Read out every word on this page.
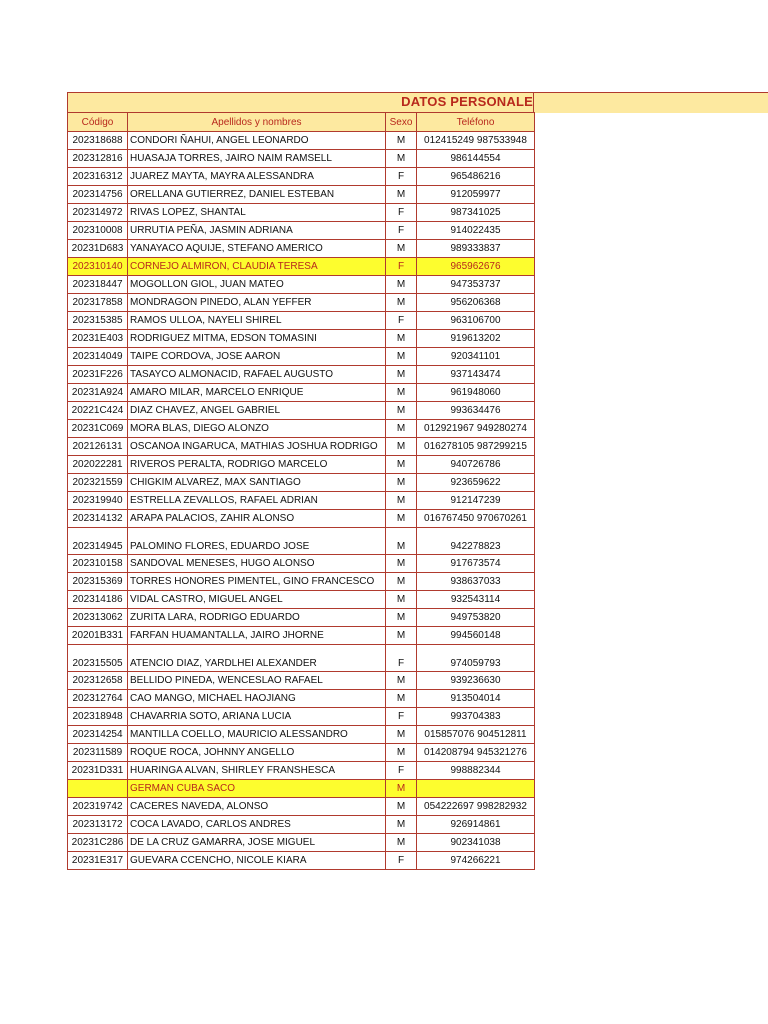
DATOS PERSONALE
Código	Apellidos y nombres	Sexo	Teléfono
202318688	CONDORI ÑAHUI, ANGEL LEONARDO	M	012415249 987533948
202312816	HUASAJA TORRES, JAIRO NAIM RAMSELL	M	986144554
202316312	JUAREZ MAYTA, MAYRA ALESSANDRA	F	965486216
202314756	ORELLANA GUTIERREZ, DANIEL ESTEBAN	M	912059977
202314972	RIVAS LOPEZ, SHANTAL	F	987341025
202310008	URRUTIA PEÑA, JASMIN ADRIANA	F	914022435
20231D683	YANAYACO AQUIJE, STEFANO AMERICO	M	989333837
202310140	CORNEJO ALMIRON, CLAUDIA TERESA	F	965962676
202318447	MOGOLLON GIOL, JUAN MATEO	M	947353737
202317858	MONDRAGON PINEDO, ALAN YEFFER	M	956206368
202315385	RAMOS ULLOA, NAYELI SHIREL	F	963106700
20231E403	RODRIGUEZ MITMA, EDSON TOMASINI	M	919613202
202314049	TAIPE CORDOVA, JOSE AARON	M	920341101
20231F226	TASAYCO ALMONACID, RAFAEL AUGUSTO	M	937143474
20231A924	AMARO MILAR, MARCELO ENRIQUE	M	961948060
20221C424	DIAZ CHAVEZ, ANGEL GABRIEL	M	993634476
20231C069	MORA BLAS, DIEGO ALONZO	M	012921967 949280274
202126131	OSCANOA INGARUCA, MATHIAS JOSHUA RODRIGO	M	016278105 987299215
202022281	RIVEROS PERALTA, RODRIGO MARCELO	M	940726786
202321559	CHIGKIM ALVAREZ, MAX SANTIAGO	M	923659622
202319940	ESTRELLA ZEVALLOS, RAFAEL ADRIAN	M	912147239
202314132	ARAPA PALACIOS, ZAHIR ALONSO	M	016767450 970670261
202314945	PALOMINO FLORES, EDUARDO JOSE	M	942278823
202310158	SANDOVAL MENESES, HUGO ALONSO	M	917673574
202315369	TORRES HONORES PIMENTEL, GINO FRANCESCO	M	938637033
202314186	VIDAL CASTRO, MIGUEL ANGEL	M	932543114
202313062	ZURITA LARA, RODRIGO EDUARDO	M	949753820
20201B331	FARFAN HUAMANTALLA, JAIRO JHORNE	M	994560148
202315505	ATENCIO DIAZ, YARDLHEI ALEXANDER	F	974059793
202312658	BELLIDO PINEDA, WENCESLAO RAFAEL	M	939236630
202312764	CAO MANGO, MICHAEL HAOJIANG	M	913504014
202318948	CHAVARRIA SOTO, ARIANA LUCIA	F	993704383
202314254	MANTILLA COELLO, MAURICIO ALESSANDRO	M	015857076 904512811
202311589	ROQUE ROCA, JOHNNY ANGELLO	M	014208794 945321276
20231D331	HUARINGA ALVAN, SHIRLEY FRANSHESCA	F	998882344
	GERMAN CUBA SACO	M	
202319742	CACERES NAVEDA, ALONSO	M	054222697 998282932
202313172	COCA LAVADO, CARLOS ANDRES	M	926914861
20231C286	DE LA CRUZ GAMARRA, JOSE MIGUEL	M	902341038
20231E317	GUEVARA CCENCHO, NICOLE KIARA	F	974266221
